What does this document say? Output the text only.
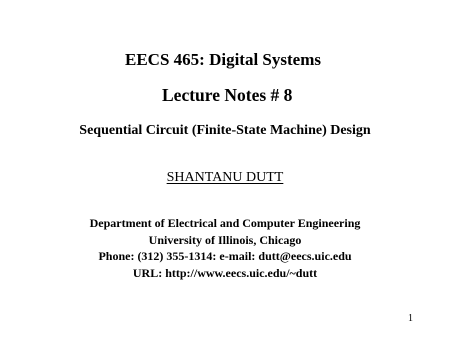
EECS 465: Digital Systems
Lecture Notes # 8
Sequential Circuit (Finite-State Machine) Design
SHANTANU DUTT
Department of Electrical and Computer Engineering
University of Illinois, Chicago
Phone: (312) 355-1314: e-mail: dutt@eecs.uic.edu
URL: http://www.eecs.uic.edu/~dutt
1
